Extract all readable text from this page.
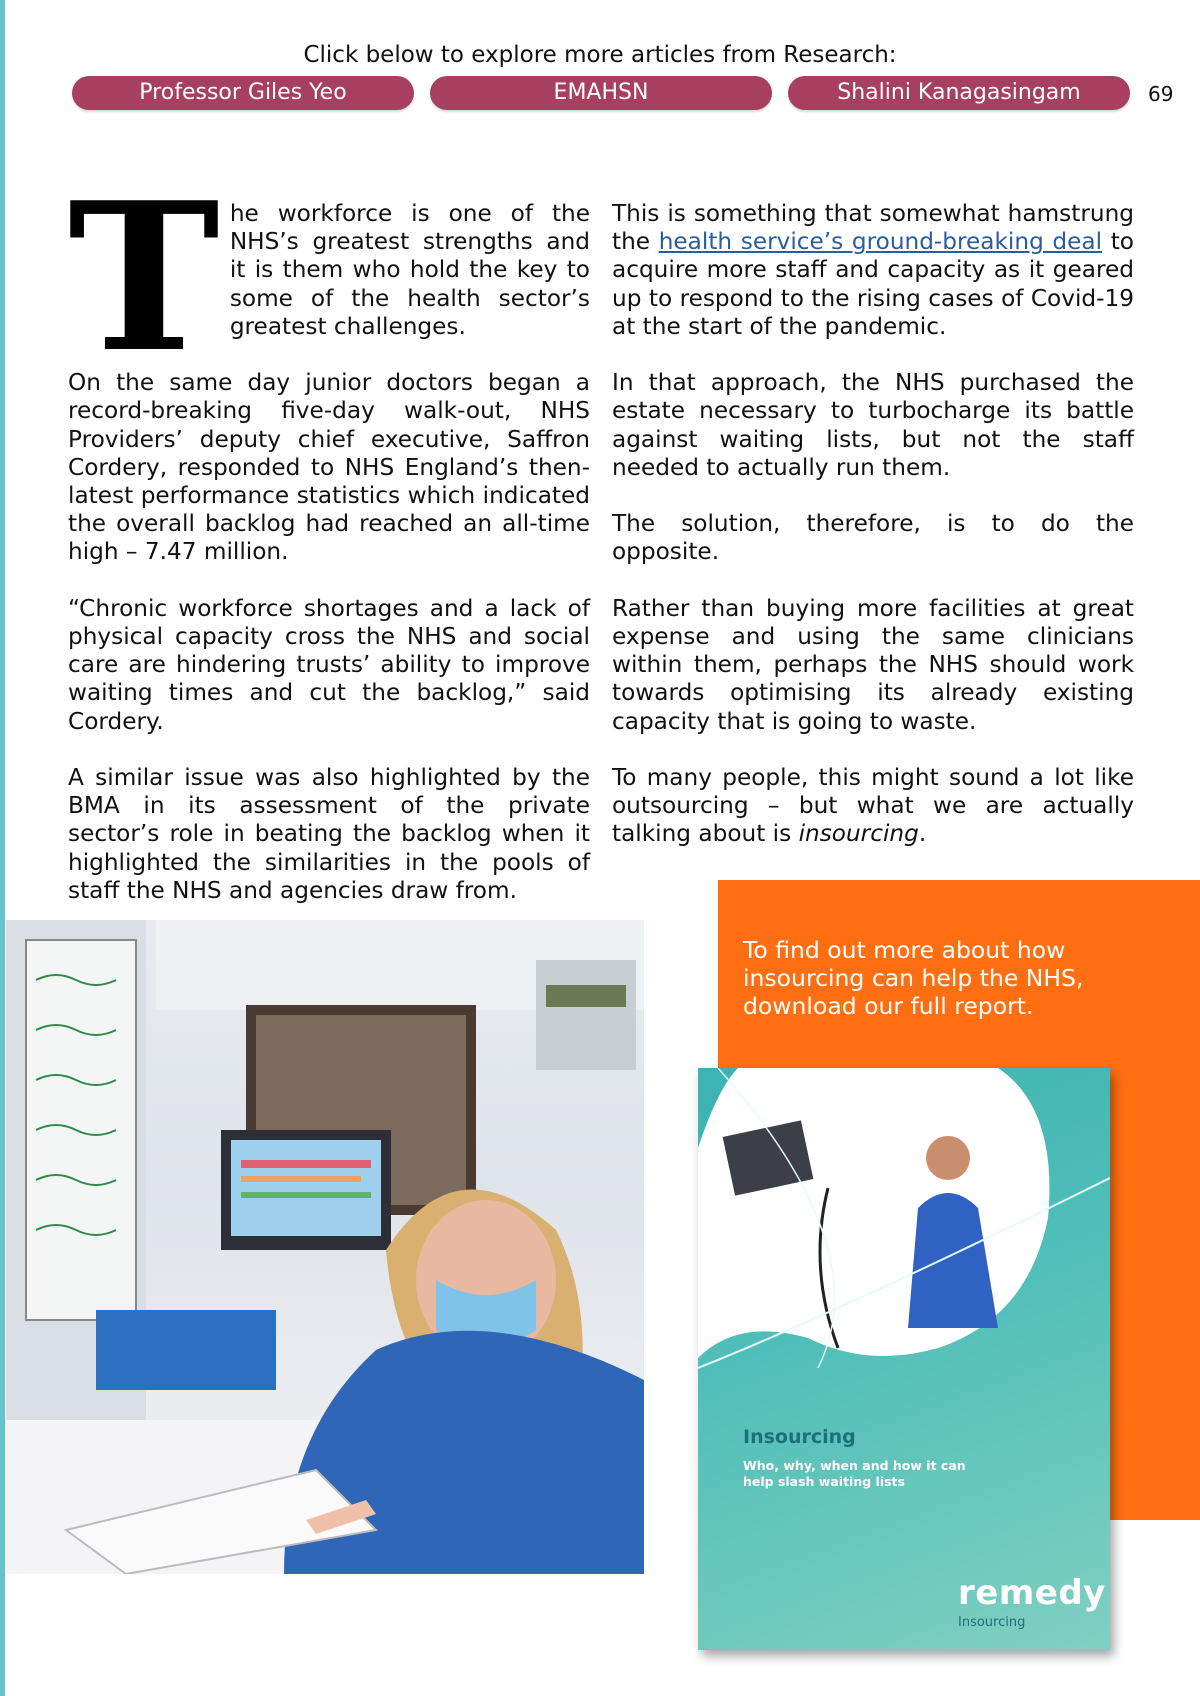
Click below to explore more articles from Research:
Professor Giles Yeo	EMAHSN	Shalini Kanagasingam	69
T he workforce is one of the NHS’s greatest strengths and it is them who hold the key to some of the health sector’s greatest challenges.

On the same day junior doctors began a record-breaking five-day walk-out, NHS Providers’ deputy chief executive, Saffron Cordery, responded to NHS England’s then-latest performance statistics which indicated the overall backlog had reached an all-time high – 7.47 million.

“Chronic workforce shortages and a lack of physical capacity cross the NHS and social care are hindering trusts’ ability to improve waiting times and cut the backlog,” said Cordery.

A similar issue was also highlighted by the BMA in its assessment of the private sector’s role in beating the backlog when it highlighted the similarities in the pools of staff the NHS and agencies draw from.

This is something that somewhat hamstrung the health service’s ground-breaking deal to acquire more staff and capacity as it geared up to respond to the rising cases of Covid-19 at the start of the pandemic.

In that approach, the NHS purchased the estate necessary to turbocharge its battle against waiting lists, but not the staff needed to actually run them.

The solution, therefore, is to do the opposite.

Rather than buying more facilities at great expense and using the same clinicians within them, perhaps the NHS should work towards optimising its already existing capacity that is going to waste.

To many people, this might sound a lot like outsourcing – but what we are actually talking about is insourcing.

To find out more about how insourcing can help the NHS, download our full report.
Insourcing
Who, why, when and how it can help slash waiting lists
remedy
Insourcing
